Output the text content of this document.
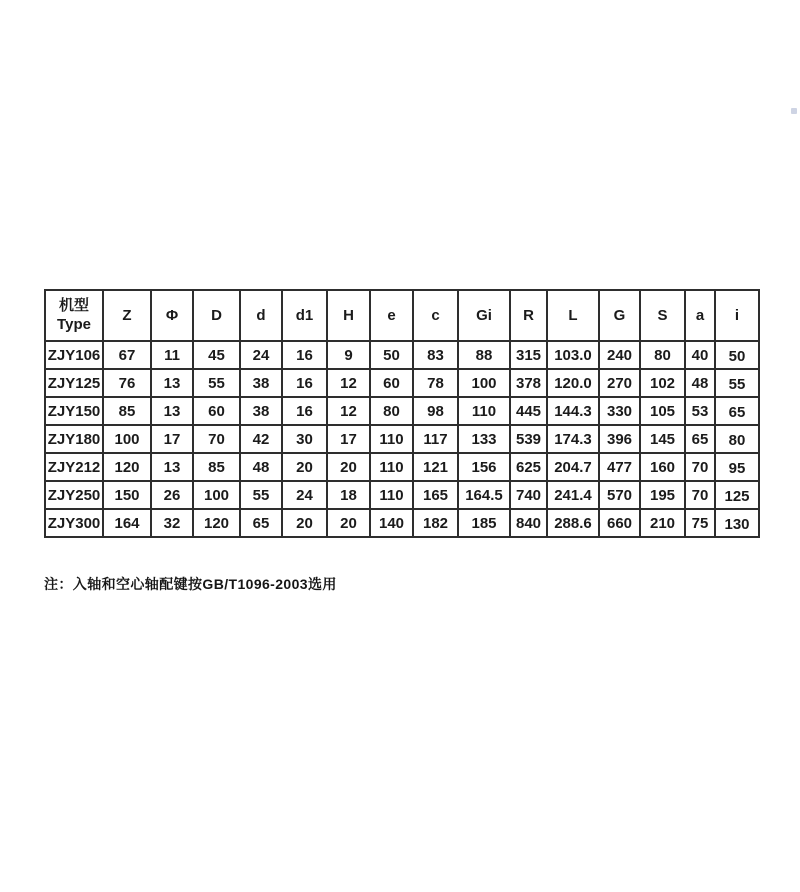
机型
Type	Z	Φ	D	d	d1	H	e	c	Gi	R	L	G	S	a	i
ZJY106	67	11	45	24	16	9	50	83	88	315	103.0	240	80	40	50
ZJY125	76	13	55	38	16	12	60	78	100	378	120.0	270	102	48	55
ZJY150	85	13	60	38	16	12	80	98	110	445	144.3	330	105	53	65
ZJY180	100	17	70	42	30	17	110	117	133	539	174.3	396	145	65	80
ZJY212	120	13	85	48	20	20	110	121	156	625	204.7	477	160	70	95
ZJY250	150	26	100	55	24	18	110	165	164.5	740	241.4	570	195	70	125
ZJY300	164	32	120	65	20	20	140	182	185	840	288.6	660	210	75	130
注：入轴和空心轴配键按GB/T1096-2003选用
